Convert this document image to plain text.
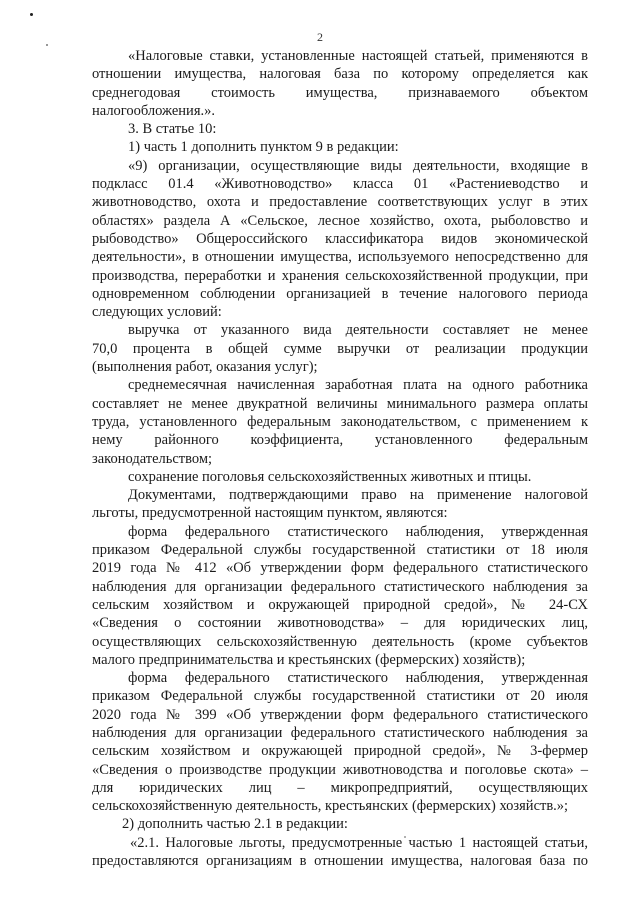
2
«Налоговые ставки, установленные настоящей статьей, применяются в
отношении имущества, налоговая база по которому определяется как
среднегодовая стоимость имущества, признаваемого объектом
налогообложения.».
3. В статье 10:
1) часть 1 дополнить пунктом 9 в редакции:
«9) организации, осуществляющие виды деятельности, входящие в
подкласс 01.4 «Животноводство» класса 01 «Растениеводство и
животноводство, охота и предоставление соответствующих услуг в этих
областях» раздела А «Сельское, лесное хозяйство, охота, рыболовство и
рыбоводство» Общероссийского классификатора видов экономической
деятельности», в отношении имущества, используемого непосредственно для
производства, переработки и хранения сельскохозяйственной продукции, при
одновременном соблюдении организацией в течение налогового периода
следующих условий:
выручка от указанного вида деятельности составляет не менее
70,0 процента в общей сумме выручки от реализации продукции
(выполнения работ, оказания услуг);
среднемесячная начисленная заработная плата на одного работника
составляет не менее двукратной величины минимального размера оплаты
труда, установленного федеральным законодательством, с применением к
нему районного коэффициента, установленного федеральным
законодательством;
сохранение поголовья сельскохозяйственных животных и птицы.
Документами, подтверждающими право на применение налоговой
льготы, предусмотренной настоящим пунктом, являются:
форма федерального статистического наблюдения, утвержденная
приказом Федеральной службы государственной статистики от 18 июля
2019 года № 412 «Об утверждении форм федерального статистического
наблюдения для организации федерального статистического наблюдения за
сельским хозяйством и окружающей природной средой», № 24-СХ
«Сведения о состоянии животноводства» – для юридических лиц,
осуществляющих сельскохозяйственную деятельность (кроме субъектов
малого предпринимательства и крестьянских (фермерских) хозяйств);
форма федерального статистического наблюдения, утвержденная
приказом Федеральной службы государственной статистики от 20 июля
2020 года № 399 «Об утверждении форм федерального статистического
наблюдения для организации федерального статистического наблюдения за
сельским хозяйством и окружающей природной средой», № 3-фермер
«Сведения о производстве продукции животноводства и поголовье скота» –
для юридических лиц – микропредприятий, осуществляющих
сельскохозяйственную деятельность, крестьянских (фермерских) хозяйств.»;
2) дополнить частью 2.1 в редакции:
«2.1. Налоговые льготы, предусмотренные частью 1 настоящей статьи,
предоставляются организациям в отношении имущества, налоговая база по
